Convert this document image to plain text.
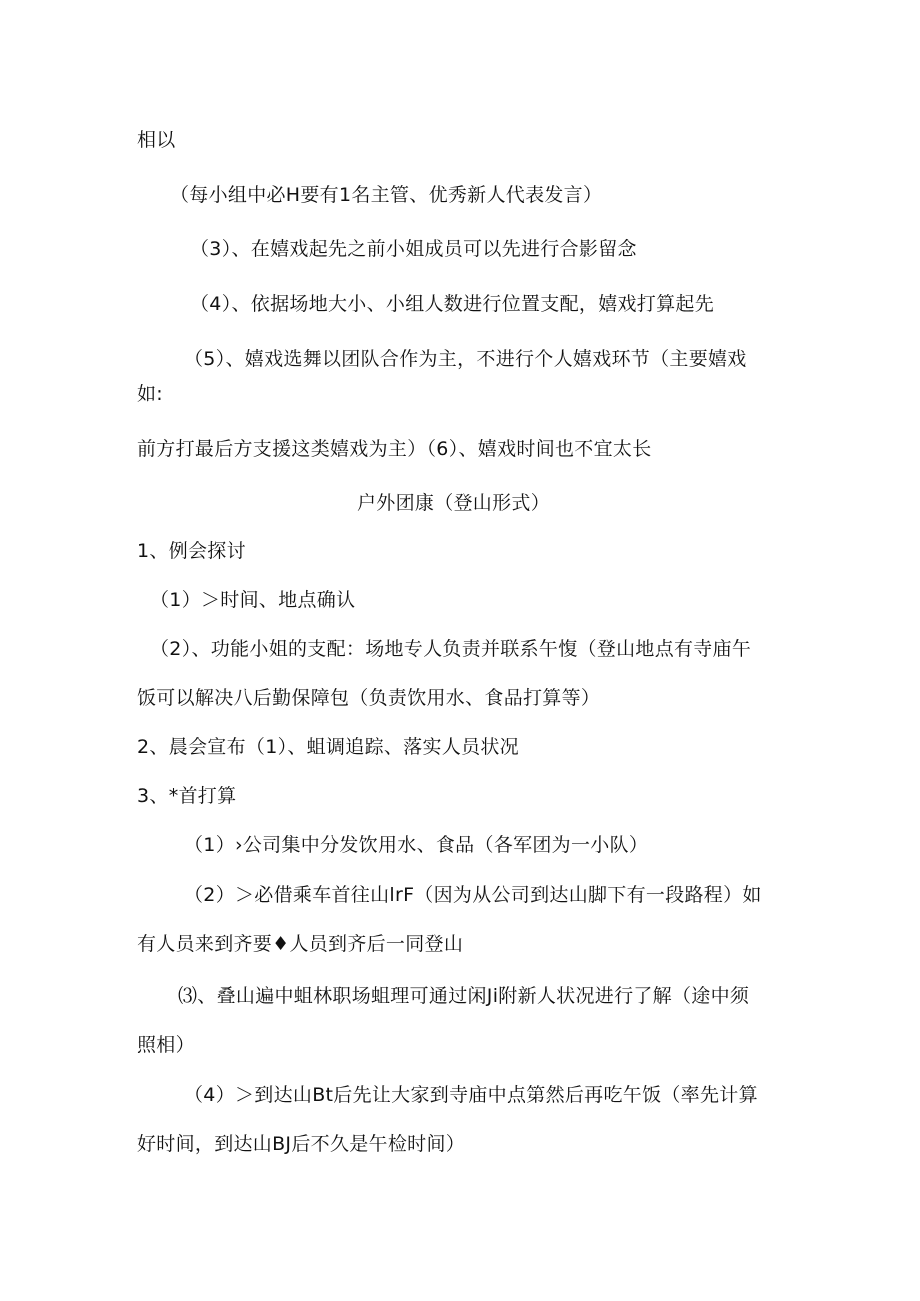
相以
（每小组中必H要有1名主管、优秀新人代表发言）
（3）、在嬉戏起先之前小姐成员可以先进行合影留念
（4）、依据场地大小、小组人数进行位置支配，嬉戏打算起先
（5）、嬉戏选舞以团队合作为主，不进行个人嬉戏环节（主要嬉戏
如:
前方打最后方支援这类嬉戏为主）（6）、嬉戏时间也不宜太长
户外团康（登山形式）
1、例会探讨
（1）＞时间、地点确认
（2）、功能小姐的支配：场地专人负责并联系午愎（登山地点有寺庙午
饭可以解决八后勤保障包（负责饮用水、食品打算等）
2、晨会宣布（1）、蛆调追踪、落实人员状况
3、*首打算
（1）›公司集中分发饮用水、食品（各军团为一小队）
（2）＞必借乘车首往山lrF（因为从公司到达山脚下有一段路程）如
有人员来到齐要♦人员到齐后一同登山
⑶、叠山遍中蛆林职场蛆理可通过闲Ji附新人状况进行了解（途中须
照相）
（4）＞到达山Bt后先让大家到寺庙中点第然后再吃午饭（率先计算
好时间，到达山BJ后不久是午检时间）
